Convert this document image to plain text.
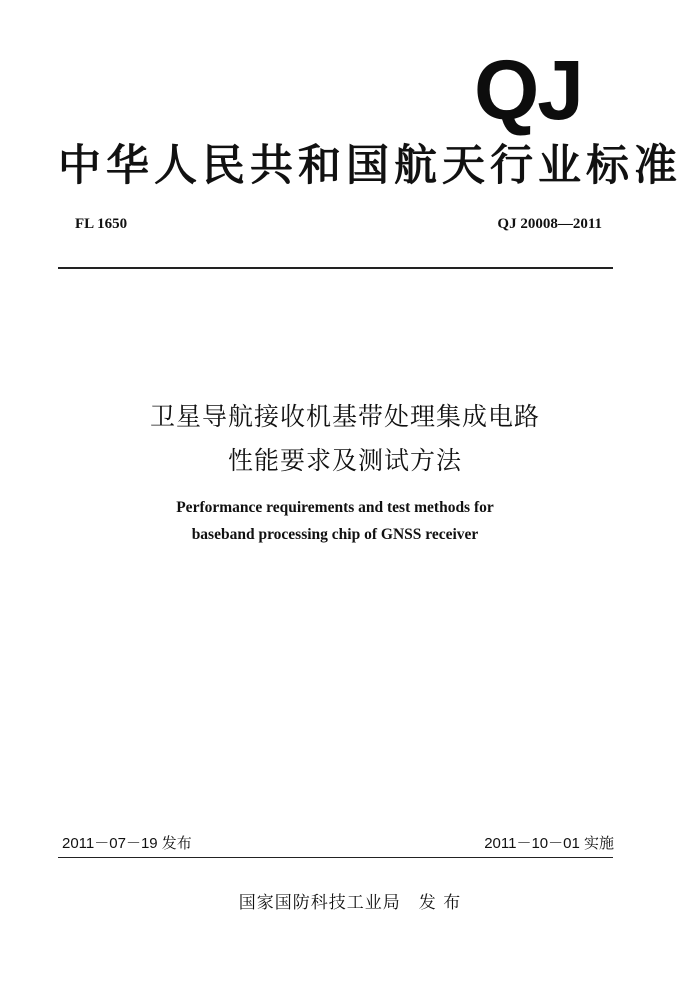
QJ
中华人民共和国航天行业标准
FL 1650	QJ 20008—2011
卫星导航接收机基带处理集成电路
性能要求及测试方法
Performance requirements and test methods for
baseband processing chip of GNSS receiver
2011－07－19 发布	2011－10－01 实施
国家国防科技工业局　发 布
